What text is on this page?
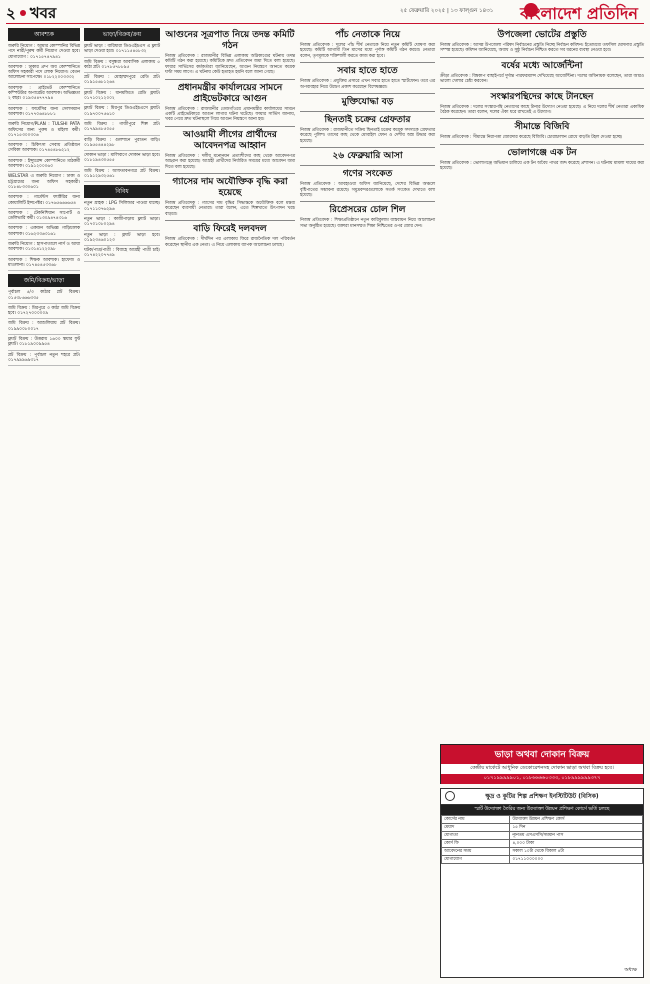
২ খবর	২৫ ফেব্রুয়ারি ২০২৫ | ১৩ ফাল্গুন ১৪৩১ বাংলাদেশ প্রতিদিন
আবশ্যক
জরুরি নিয়োগ : আমার কোম্পানির বিভিন্ন পদে নারী/পুরুষ কর্মী নিয়োগ দেওয়া হবে। যোগাযোগ : ০১৭১৫৭৪৭৯৪১
আবশ্যক : ঢাকার গ্রুপ অব কোম্পানিতে অফিস সহকারী পদে লোক নিয়োগ। বেতন আলোচনা সাপেক্ষে। ০১৮২২০০৩৩৩২
আবশ্যক : প্রাইভেট কোম্পানিতে কম্পিউটার অপারেটর আবশ্যক। অভিজ্ঞতা ২ বছর। ০১৯৩৫৪৭৭৭৯৪
আবশ্যক : ফার্মেসির জন্য সেলসম্যান আবশ্যক। ০১৭৭০৬৪৮৮৮১
জরুরি নিয়োগ/PLAN : TULSHI PATA অফিসের জন্য পুরুষ ও মহিলা কর্মী। ০১৭১৫৩০০৩০৬
আবশ্যক : চিকিৎসা সেবায় প্রতিষ্ঠানে সেবিকা আবশ্যক। ০১৭৪৫৪৮৬২১২
আবশ্যক : ইন্স্যুরেন্স কোম্পানিতে মাঠকর্মী আবশ্যক। ০১৯১২০০০৬০
WELSTAR এ জরুরি নিয়োগ : ঢাকা ও চট্টগ্রামের জন্য অফিস সহকারী। ০১৮৪৮৩৩০৬০১
আবশ্যক : গার্মেন্টস ফ্যাক্টরির জন্য কোয়ালিটি ইন্সপেক্টর। ০১৭৬৫৬৬৬৬৫৪
আবশ্যক : টেকনিশিয়ান সাপোর্ট ও ডেলিভারি কর্মী। ০১৩০৯৪৭৪৩১৬
আবশ্যক : একজন অভিজ্ঞ গাড়িচালক আবশ্যক। ০১৬২৩৩৬৩১৬১
জরুরি নিয়োগ : হাসপাতালে নার্স ও আয়া আবশ্যক। ০১৩১৪১২২০৯৮
আবশ্যক : শিক্ষক আবশ্যক। হাফেজ ও মাওলানা। ০১৭৪৫৪৫৩৩৬৮
জমি/বিক্রয়/ভাড়া
পূর্বাচল ৫/৩ কাঠার প্লট বিক্রয়। ০১৫৩৮৬৬৬৩৩৫
জমি বিক্রয় : মিরপুরে ৩ কাঠা জমি বিক্রয় হবে। ০১৭২৭০০০০০৯
জমি বিক্রয় : আশুলিয়ায় প্লট বিক্রয়। ০১৯৯০০৮০০১৭
ফ্ল্যাট বিক্রয় : উত্তরায় ১৬০০ স্কয়ার ফুট ফ্ল্যাট। ০১৮১৯০০৯৯৫৪
প্লট বিক্রয় : পূর্বাচল নতুন শহরে প্লট। ০১৭৯৯৯৬৯৩১৭
ভাড়া/বিক্রয়/ক্রয়
ফ্ল্যাট ভাড়া : বারিধারা ডিওএইচএস এ ফ্ল্যাট ভাড়া দেওয়া হবে। ০১৭১১৫৪৫৮৩২
জমি বিক্রয় : বসুন্ধরা আবাসিক এলাকায় ৫ কাঠা প্লট। ০১৭৮৫৭৮৮৯৫
প্লট বিক্রয় : মোহাম্মদপুরে রেডি প্লট। ০১৯১৫৬৮১২৬৪
ফ্ল্যাট বিক্রয় : ধানমন্ডিতে রেডি ফ্ল্যাট। ০১৭১০২১২০০২
ফ্ল্যাট বিক্রয় : মিরপুর ডিওএইচএসে ফ্ল্যাট। ০১৯৭০০৭৫৬১০
জমি বিক্রয় : গাজীপুরে শিল্প প্লট। ০১৭৯৯৪৮৫০৫৫
বাড়ি বিক্রয় : গুলশানে পুরাতন বাড়ি। ০১৯৫৫৪৪৪২৯৮
দোকান ভাড়া : মালিবাগে দোকান ভাড়া হবে। ০১৮১৯৪৩০৫৫৫
জমি বিক্রয় : আফতাবনগরে প্লট বিক্রয়। ০১৯১২৯৩২৫৬১
বিবিধ
নতুন গ্রাহক : LPG সিলিন্ডার পাওয়া যাচ্ছে। ০১৭১১০৭৬২৯৬
নতুন ভাড়া : কাজীপাড়ায় ফ্ল্যাট ভাড়া। ০১৭০১০৮০২৯৪
নতুন ভাড়া : ফ্ল্যাট ভাড়া হবে। ০১৯২৩৪৬০১২৩
ঘটক/পাত্র/পাত্রী : বিবাহে আগ্রহী পাত্রী চাই। ০১৭৪২২০৭৭৪৯
আগুনের সূত্রপাত নিয়ে তদন্ত কমিটি গঠন
নিজস্ব প্রতিবেদক : রাজধানীর বিভিন্ন এলাকায় অগ্নিকাণ্ডের ঘটনায় তদন্ত কমিটি গঠন করা হয়েছে। কমিটিকে দ্রুত প্রতিবেদন জমা দিতে বলা হয়েছে। ফায়ার সার্ভিসের কর্মকর্তারা জানিয়েছেন, আগুন নিয়ন্ত্রণে আনতে কয়েক ঘণ্টা সময় লাগে। এ ঘটনায় কেউ হতাহত হয়নি বলে জানা গেছে।
প্রধানমন্ত্রীর কার্যালয়ের সামনে প্রাইভেটকারে আগুন
নিজস্ব প্রতিবেদক : রাজধানীর তেজগাঁওয়ে প্রধানমন্ত্রীর কার্যালয়ের সামনে একটি প্রাইভেটকারে আগুন লাগার ঘটনা ঘটেছে। ফায়ার সার্ভিস জানায়, খবর পেয়ে দ্রুত ঘটনাস্থলে গিয়ে আগুন নিয়ন্ত্রণে আনা হয়।
আওয়ামী লীগের প্রার্থীদের আবেদনপত্র আহ্বান
নিজস্ব প্রতিবেদক : দলীয় মনোনয়ন প্রত্যাশীদের কাছ থেকে আবেদনপত্র আহ্বান করা হয়েছে। আগ্রহী প্রার্থীদের নির্ধারিত সময়ের মধ্যে আবেদন জমা দিতে বলা হয়েছে।
গ্যাসের দাম অযৌক্তিক বৃদ্ধি করা হয়েছে
নিজস্ব প্রতিবেদক : গ্যাসের দাম বৃদ্ধির সিদ্ধান্তকে অযৌক্তিক বলে মন্তব্য করেছেন ব্যবসায়ী নেতারা। তারা বলেন, এতে শিল্পখাতে উৎপাদন খরচ বাড়বে।
বাড়ি ফিরেই দলবদল
নিজস্ব প্রতিবেদক : দীর্ঘদিন পর এলাকায় ফিরে রাজনৈতিক দল পরিবর্তন করেছেন স্থানীয় এক নেতা। এ নিয়ে এলাকায় ব্যাপক আলোচনা চলছে।
পাঁচ নেতাকে নিয়ে
নিজস্ব প্রতিবেদক : দলের পাঁচ শীর্ষ নেতাকে নিয়ে নতুন কমিটি ঘোষণা করা হয়েছে। কমিটি আগামী তিন মাসের মধ্যে পূর্ণাঙ্গ কমিটি গঠন করবে। নেতারা বলেন, তৃণমূলকে শক্তিশালী করতে কাজ করা হবে।
সবার হাতে হাতে
নিজস্ব প্রতিবেদক : প্রযুক্তির প্রসারে এখন সবার হাতে হাতে স্মার্টফোন। তবে এর অপব্যবহার নিয়ে উদ্বেগ প্রকাশ করেছেন বিশেষজ্ঞরা।
মুক্তিযোদ্ধা বড়
ছিনতাই চক্রের গ্রেফতার
নিজস্ব প্রতিবেদক : রাজধানীতে সক্রিয় ছিনতাই চক্রের কয়েক সদস্যকে গ্রেফতার করেছে পুলিশ। তাদের কাছ থেকে মোবাইল ফোন ও দেশীয় অস্ত্র উদ্ধার করা হয়েছে।
২৬ ফেব্রুয়ারি আসা
গণের সংকেত
নিজস্ব প্রতিবেদক : আবহাওয়া অফিস জানিয়েছে, দেশের বিভিন্ন অঞ্চলে বৃষ্টিপাতের সম্ভাবনা রয়েছে। সমুদ্রবন্দরগুলোকে সতর্ক সংকেত দেখাতে বলা হয়েছে।
রিপ্রেসরের চোল শিল
নিজস্ব প্রতিবেদক : শিক্ষাপ্রতিষ্ঠানে নতুন কারিকুলাম বাস্তবায়ন নিয়ে আলোচনা সভা অনুষ্ঠিত হয়েছে। বক্তারা মানসম্মত শিক্ষা নিশ্চিতের ওপর জোর দেন।
উপজেলা ভোটের প্রস্তুতি
নিজস্ব প্রতিবেদক : আসন্ন উপজেলা পরিষদ নির্বাচনের প্রস্তুতি নিচ্ছে নির্বাচন কমিশন। ইতোমধ্যে তফসিল ঘোষণার প্রস্তুতি সম্পন্ন হয়েছে। কমিশন জানিয়েছে, অবাধ ও সুষ্ঠু নির্বাচন নিশ্চিত করতে সব ধরনের ব্যবস্থা নেওয়া হবে।
বর্ষের মধ্যে আর্জেন্টিনা
ক্রীড়া প্রতিবেদক : বিশ্বকাপ বাছাইপর্বে দুর্দান্ত পারফরম্যান্স দেখিয়েছে আর্জেন্টিনা। দলের অধিনায়ক বলেছেন, তারা আরও ভালো খেলার চেষ্টা করবেন।
সংস্কারপন্থিদের কাছে টানছেন
নিজস্ব প্রতিবেদক : দলের সংস্কারপন্থি নেতাদের কাছে টানার উদ্যোগ নেওয়া হয়েছে। এ নিয়ে দলের শীর্ষ নেতারা একাধিক বৈঠক করেছেন। তারা বলেন, দলের ঐক্য ধরে রাখতেই এ উদ্যোগ।
সীমান্তে বিজিবি
নিজস্ব প্রতিবেদক : সীমান্তে নিরাপত্তা জোরদার করেছে বিজিবি। চোরাচালান রোধে বাড়তি টহল দেওয়া হচ্ছে।
ভোলাগঞ্জে এক টন
নিজস্ব প্রতিবেদক : ভোলাগঞ্জে অভিযান চালিয়ে এক টন অবৈধ পাথর জব্দ করেছে প্রশাসন। এ ঘটনায় মামলা দায়ের করা হয়েছে।
ভাড়া অথবা দোকান বিক্রয়
কেন্দ্রীয় মার্কেটে আধুনিক ডেকোরেশনসহ দোকান ভাড়া অথবা বিক্রয় হবে।
০১৭১৯৯৯৯৯০১, ০১৮৬৬৬৬০৩৩৩, ০১৮৯৯৯৯৯৯৩৭৭
ক্ষুদ্র ও কুটির শিল্প প্রশিক্ষণ ইনস্টিটিউট (বিসিক)
স্মার্ট উদ্যোক্তা তৈরির জন্য উদ্যোক্তা উন্নয়ন প্রশিক্ষণ কোর্সে ভর্তি চলছে
কোর্সের নাম	উদ্যোক্তা উন্নয়ন প্রশিক্ষণ কোর্স
মেয়াদ	১৫ দিন
যোগ্যতা	ন্যূনতম এসএসসি/সমমান পাস
কোর্স ফি	৪,০০০ টাকা
আবেদনের সময়	সকাল ১০টা থেকে বিকাল ৪টা
যোগাযোগ	০১৭১১০০০০০০
অধ্যক্ষ
